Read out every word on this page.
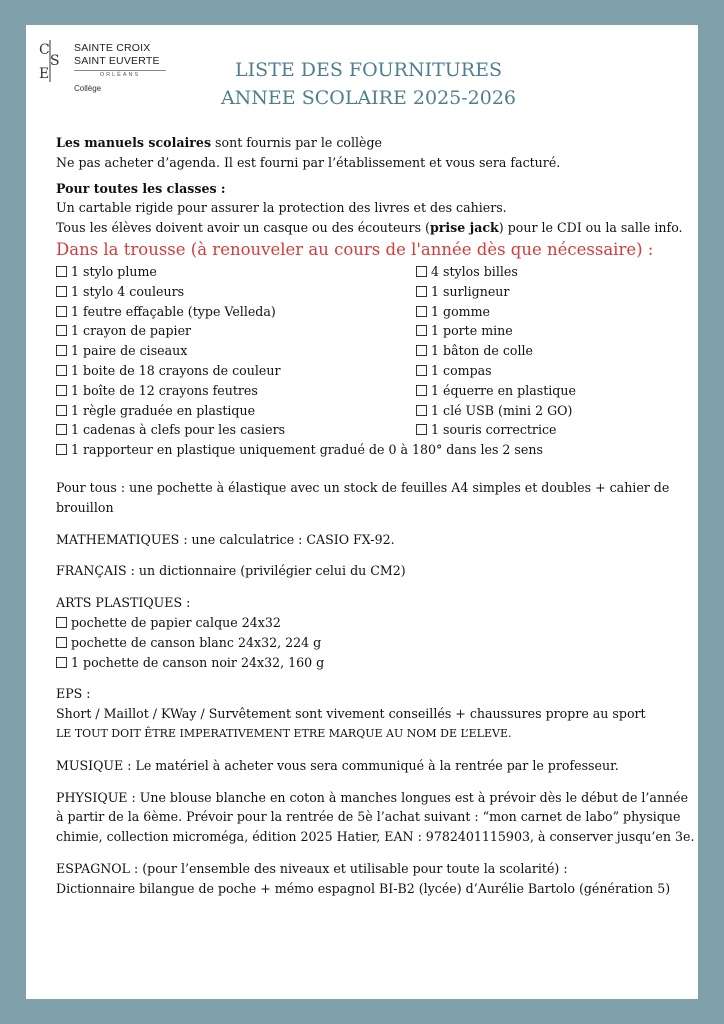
C
S
E
SAINTE CROIX
SAINT EUVERTE
ORLÉANS
Collège
LISTE DES FOURNITURES
ANNEE SCOLAIRE 2025-2026

Les manuels scolaires sont fournis par le collège

Ne pas acheter d’agenda. Il est fourni par l’établissement et vous sera facturé.

Pour toutes les classes :

Un cartable rigide pour assurer la protection des livres et des cahiers.

Tous les élèves doivent avoir un casque ou des écouteurs (prise jack) pour le CDI ou la salle info.

Dans la trousse (à renouveler au cours de l'année dès que nécessaire) :

1 stylo plume
1 stylo 4 couleurs
1 feutre effaçable (type Velleda)
1 crayon de papier
1 paire de ciseaux
1 boite de 18 crayons de couleur
1 boîte de 12 crayons feutres
1 règle graduée en plastique
1 cadenas à clefs pour les casiers
4 stylos billes
1 surligneur
1 gomme
1 porte mine
1 bâton de colle
1 compas
1 équerre en plastique
1 clé USB (mini 2 GO)
1 souris correctrice
1 rapporteur en plastique uniquement gradué de 0 à 180° dans les 2 sens

Pour tous : une pochette à élastique avec un stock de feuilles A4 simples et doubles + cahier de brouillon

MATHEMATIQUES : une calculatrice : CASIO FX-92.

FRANÇAIS : un dictionnaire (privilégier celui du CM2)

ARTS PLASTIQUES :

pochette de papier calque 24x32
pochette de canson blanc 24x32, 224 g
1 pochette de canson noir 24x32, 160 g

EPS :

Short / Maillot / KWay / Survêtement sont vivement conseillés + chaussures propre au sport

LE TOUT DOIT ÊTRE IMPERATIVEMENT ETRE MARQUE AU NOM DE L’ELEVE.

MUSIQUE : Le matériel à acheter vous sera communiqué à la rentrée par le professeur.

PHYSIQUE : Une blouse blanche en coton à manches longues est à prévoir dès le début de l’année à partir de la 6ème. Prévoir pour la rentrée de 5è l’achat suivant : “mon carnet de labo” physique chimie, collection microméga, édition 2025 Hatier, EAN : 9782401115903, à conserver jusqu’en 3e.

ESPAGNOL : (pour l’ensemble des niveaux et utilisable pour toute la scolarité) :

Dictionnaire bilangue de poche + mémo espagnol BI-B2 (lycée) d’Aurélie Bartolo (génération 5)
